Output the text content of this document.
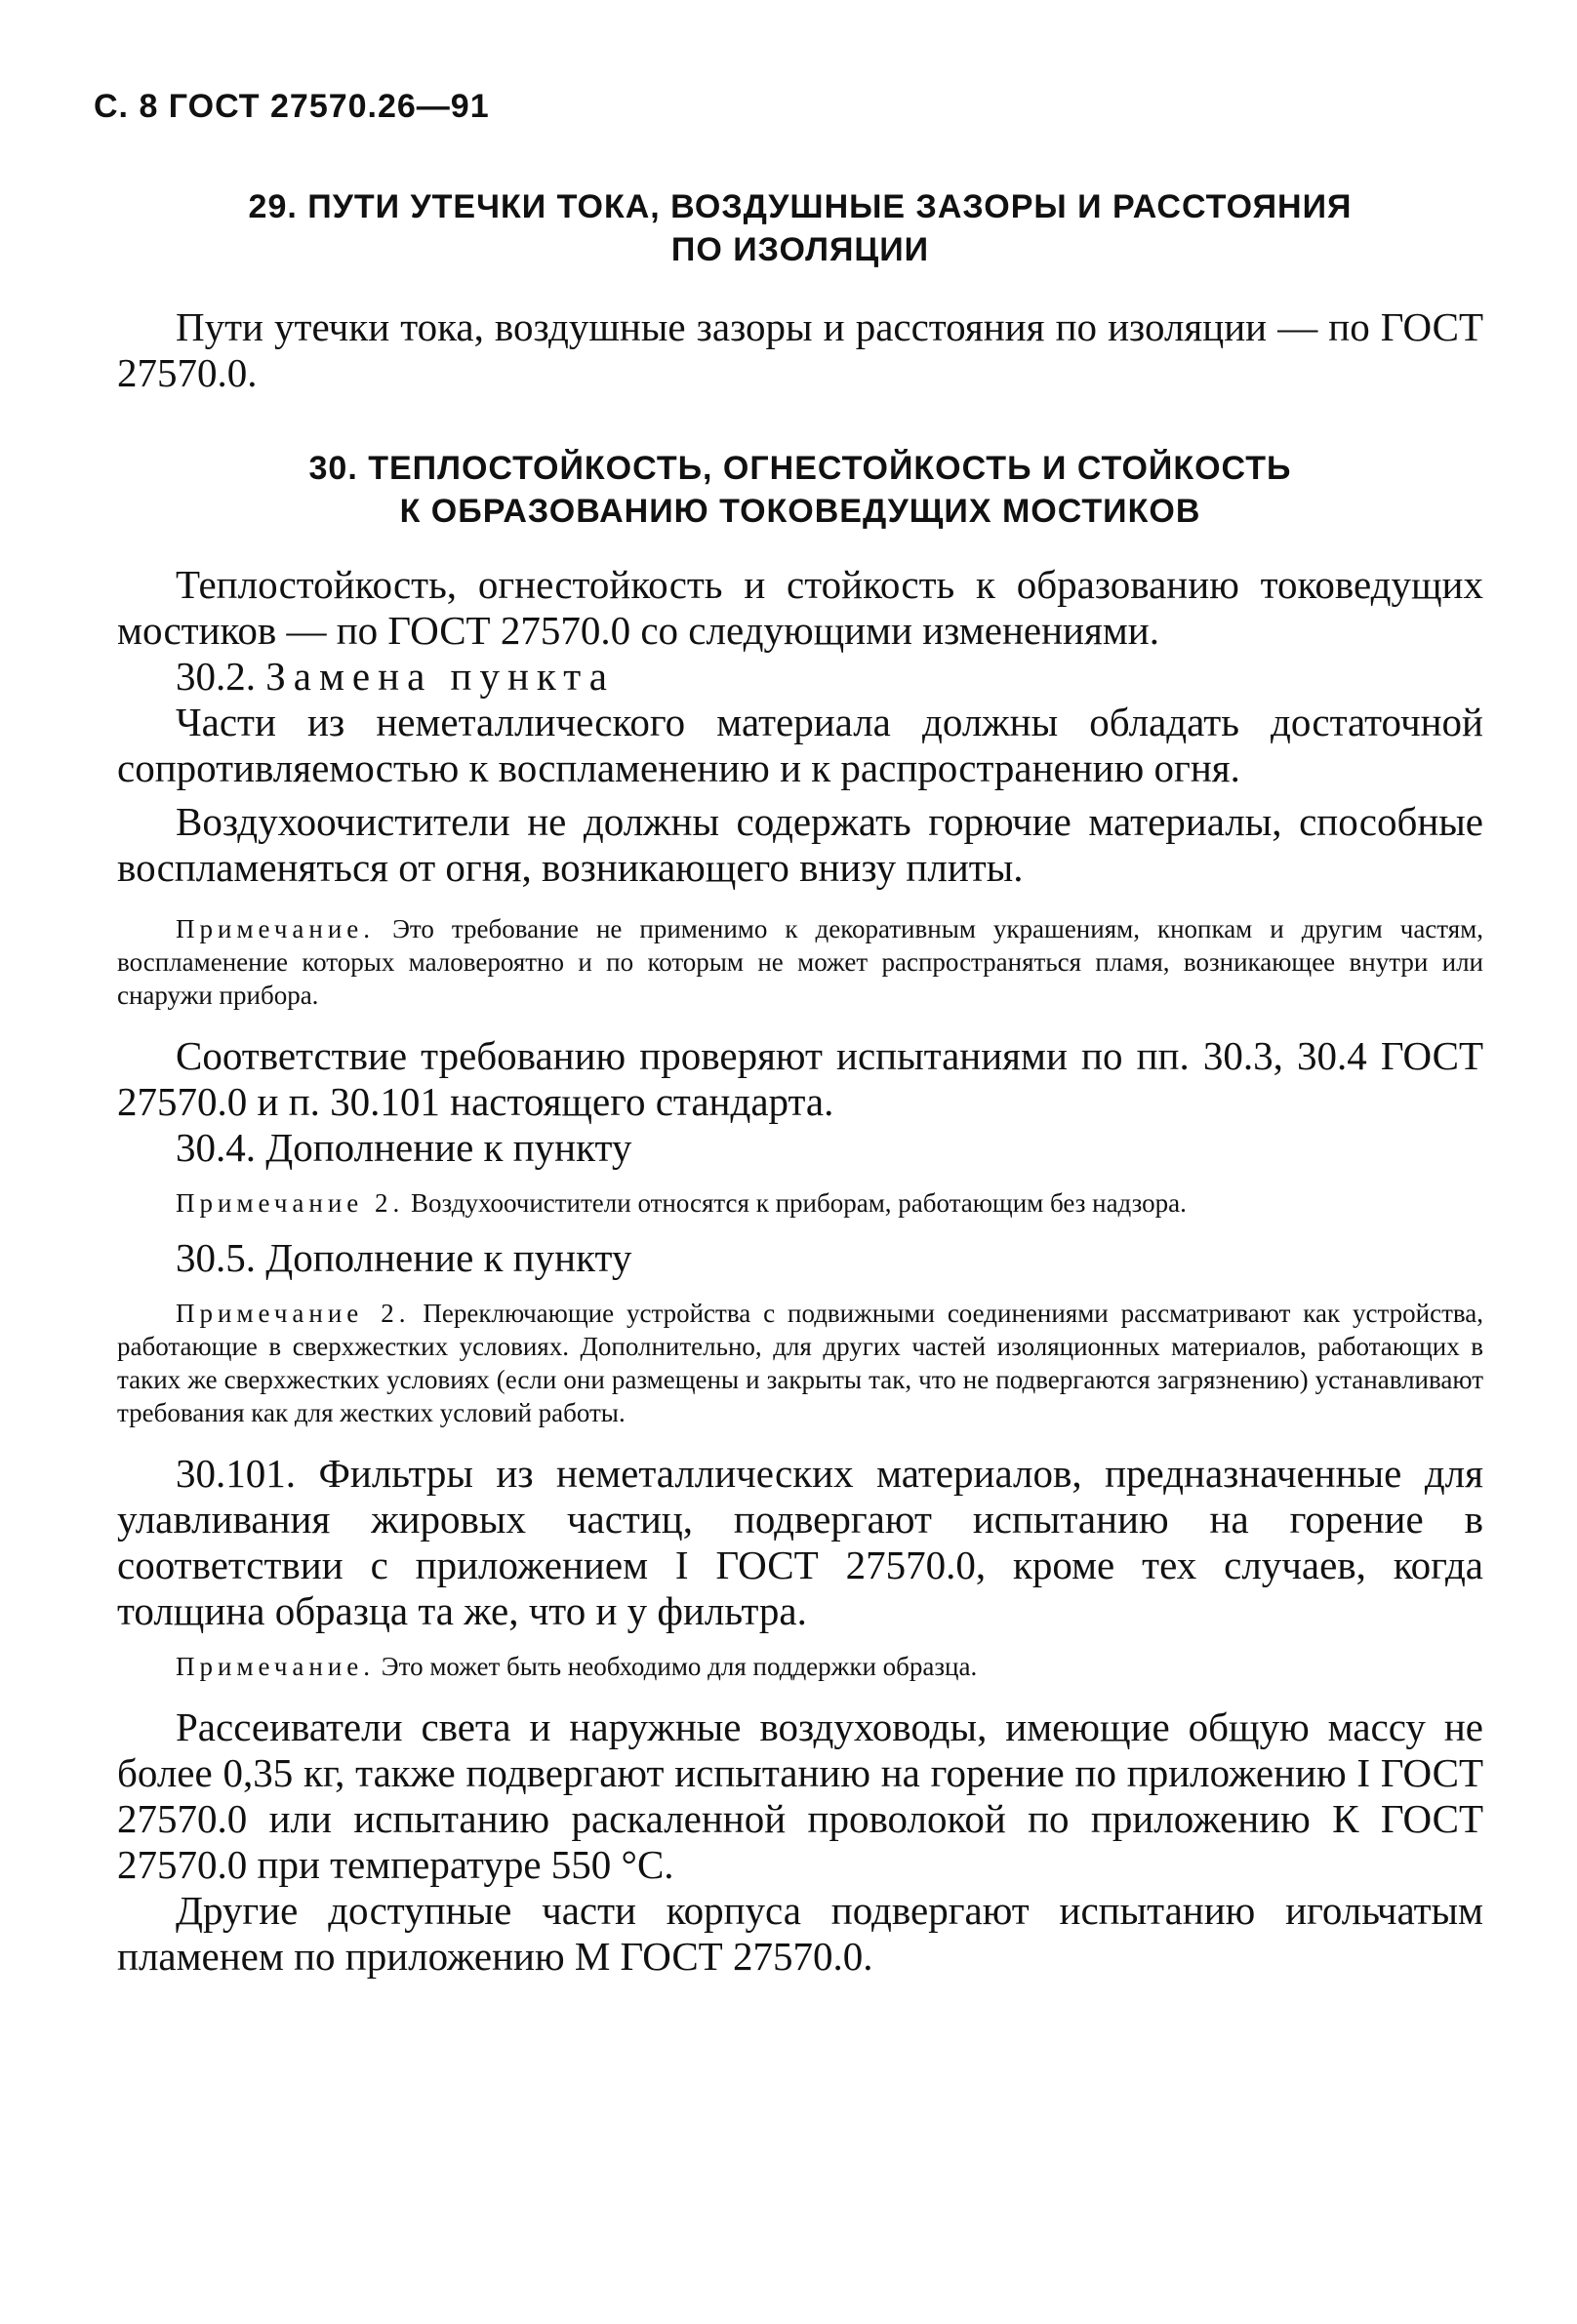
С. 8 ГОСТ 27570.26—91
29. ПУТИ УТЕЧКИ ТОКА, ВОЗДУШНЫЕ ЗАЗОРЫ И РАССТОЯНИЯ
ПО ИЗОЛЯЦИИ

Пути утечки тока, воздушные зазоры и расстояния по изоляции — по ГОСТ 27570.0.

30. ТЕПЛОСТОЙКОСТЬ, ОГНЕСТОЙКОСТЬ И СТОЙКОСТЬ
К ОБРАЗОВАНИЮ ТОКОВЕДУЩИХ МОСТИКОВ

Теплостойкость, огнестойкость и стойкость к образованию токоведущих мостиков — по ГОСТ 27570.0 со следующими изменениями.

30.2. Замена пункта

Части из неметаллического материала должны обладать достаточной сопротивляемостью к воспламенению и к распространению огня.

Воздухоочистители не должны содержать горючие материалы, способные воспламеняться от огня, возникающего внизу плиты.

Примечание. Это требование не применимо к декоративным украшениям, кнопкам и другим частям, воспламенение которых маловероятно и по которым не может распространяться пламя, возникающее внутри или снаружи прибора.

Соответствие требованию проверяют испытаниями по пп. 30.3, 30.4 ГОСТ 27570.0 и п. 30.101 настоящего стандарта.

30.4. Дополнение к пункту

Примечание 2. Воздухоочистители относятся к приборам, работающим без надзора.

30.5. Дополнение к пункту

Примечание 2. Переключающие устройства с подвижными соединениями рассматривают как устройства, работающие в сверхжестких условиях. Дополнительно, для других частей изоляционных материалов, работающих в таких же сверхжестких условиях (если они размещены и закрыты так, что не подвергаются загрязнению) устанавливают требования как для жестких условий работы.

30.101. Фильтры из неметаллических материалов, предназначенные для улавливания жировых частиц, подвергают испытанию на горение в соответствии с приложением I ГОСТ 27570.0, кроме тех случаев, когда толщина образца та же, что и у фильтра.

Примечание. Это может быть необходимо для поддержки образца.

Рассеиватели света и наружные воздуховоды, имеющие общую массу не более 0,35 кг, также подвергают испытанию на горение по приложению I ГОСТ 27570.0 или испытанию раскаленной проволокой по приложению К ГОСТ 27570.0 при температуре 550 °С.

Другие доступные части корпуса подвергают испытанию игольчатым пламенем по приложению М ГОСТ 27570.0.
